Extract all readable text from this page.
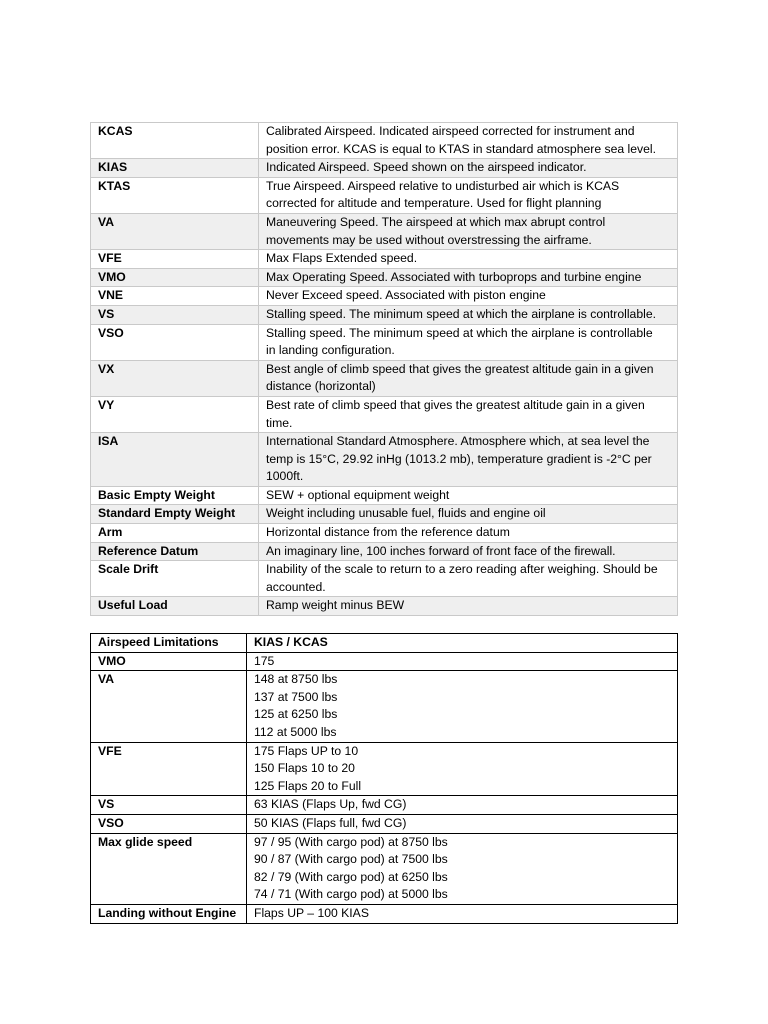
KCAS	Calibrated Airspeed. Indicated airspeed corrected for instrument and
position error. KCAS is equal to KTAS in standard atmosphere sea level.

KIAS	Indicated Airspeed. Speed shown on the airspeed indicator.

KTAS	True Airspeed. Airspeed relative to undisturbed air which is KCAS
corrected for altitude and temperature. Used for flight planning

VA	Maneuvering Speed. The airspeed at which max abrupt control
movements may be used without overstressing the airframe.

VFE	Max Flaps Extended speed.

VMO	Max Operating Speed. Associated with turboprops and turbine engine

VNE	Never Exceed speed. Associated with piston engine

VS	Stalling speed. The minimum speed at which the airplane is controllable.

VSO	Stalling speed. The minimum speed at which the airplane is controllable
in landing configuration.

VX	Best angle of climb speed that gives the greatest altitude gain in a given
distance (horizontal)

VY	Best rate of climb speed that gives the greatest altitude gain in a given
time.

ISA	International Standard Atmosphere. Atmosphere which, at sea level the
temp is 15°C, 29.92 inHg (1013.2 mb), temperature gradient is -2°C per
1000ft.

Basic Empty Weight	SEW + optional equipment weight

Standard Empty Weight	Weight including unusable fuel, fluids and engine oil

Arm	Horizontal distance from the reference datum

Reference Datum	An imaginary line, 100 inches forward of front face of the firewall.

Scale Drift	Inability of the scale to return to a zero reading after weighing. Should be
accounted.

Useful Load	Ramp weight minus BEW
Airspeed Limitations	KIAS / KCAS
VMO	175

VA	148 at 8750 lbs
137 at 7500 lbs
125 at 6250 lbs
112 at 5000 lbs

VFE	175 Flaps UP to 10
150 Flaps 10 to 20
125 Flaps 20 to Full

VS	63 KIAS (Flaps Up, fwd CG)

VSO	50 KIAS (Flaps full, fwd CG)

Max glide speed	97 / 95 (With cargo pod) at 8750 lbs
90 / 87 (With cargo pod) at 7500 lbs
82 / 79 (With cargo pod) at 6250 lbs
74 / 71 (With cargo pod) at 5000 lbs

Landing without Engine	Flaps UP – 100 KIAS
